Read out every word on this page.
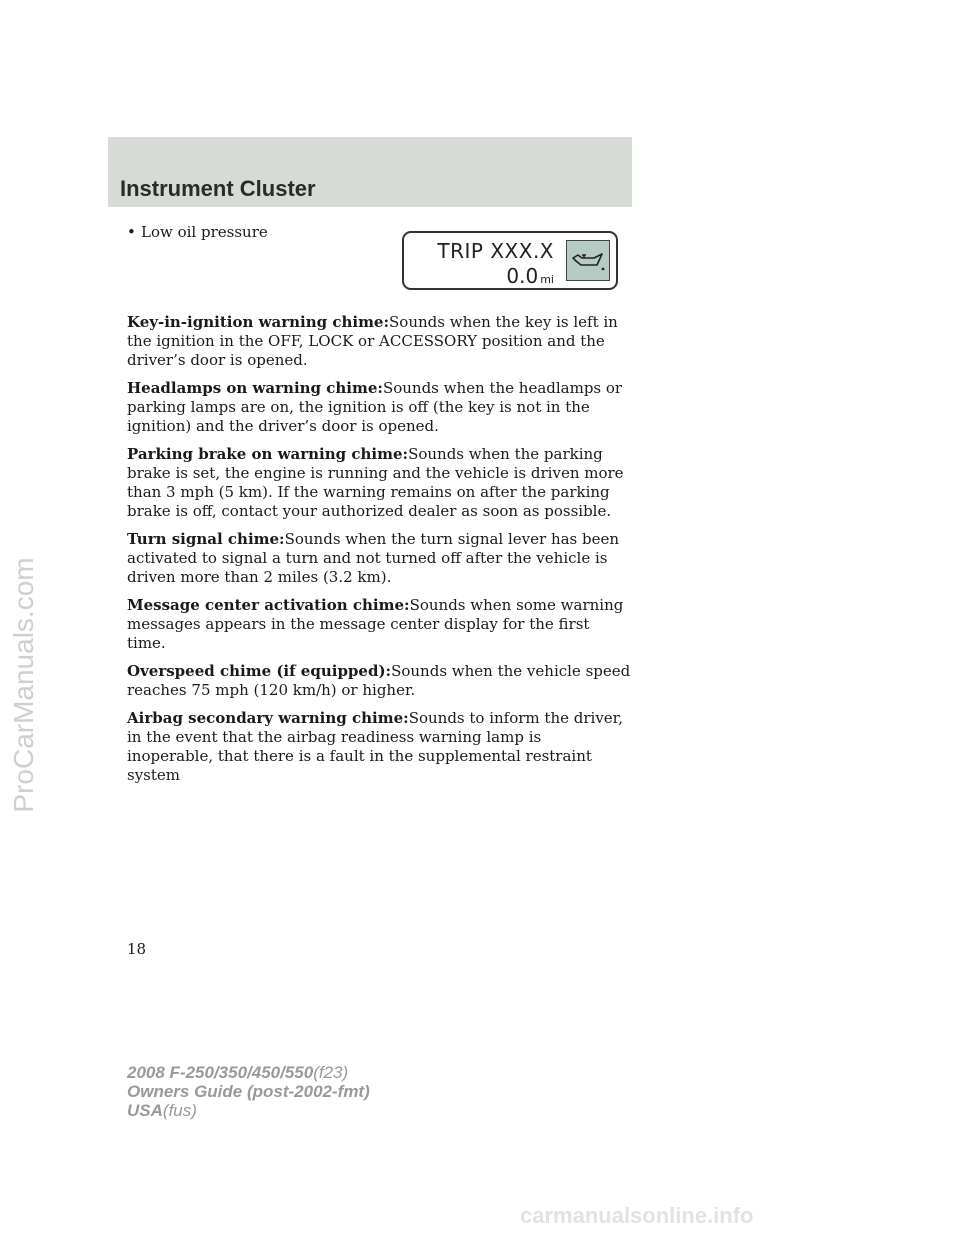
Instrument Cluster
• Low oil pressure
TRIP XXX.X
0.0 mi

Key-in-ignition warning chime:Sounds when the key is left in the ignition in the OFF, LOCK or ACCESSORY position and the driver’s door is opened.

Headlamps on warning chime:Sounds when the headlamps or parking lamps are on, the ignition is off (the key is not in the ignition) and the driver’s door is opened.

Parking brake on warning chime:Sounds when the parking brake is set, the engine is running and the vehicle is driven more than 3 mph (5 km). If the warning remains on after the parking brake is off, contact your authorized dealer as soon as possible.

Turn signal chime:Sounds when the turn signal lever has been activated to signal a turn and not turned off after the vehicle is driven more than 2 miles (3.2 km).

Message center activation chime:Sounds when some warning messages appears in the message center display for the first time.

Overspeed chime (if equipped):Sounds when the vehicle speed reaches 75 mph (120 km/h) or higher.

Airbag secondary warning chime:Sounds to inform the driver, in the event that the airbag readiness warning lamp is inoperable, that there is a fault in the supplemental restraint system

18
2008 F-250/350/450/550(f23)
Owners Guide (post-2002-fmt)
USA(fus)
ProCarManuals.com
carmanualsonline.info
